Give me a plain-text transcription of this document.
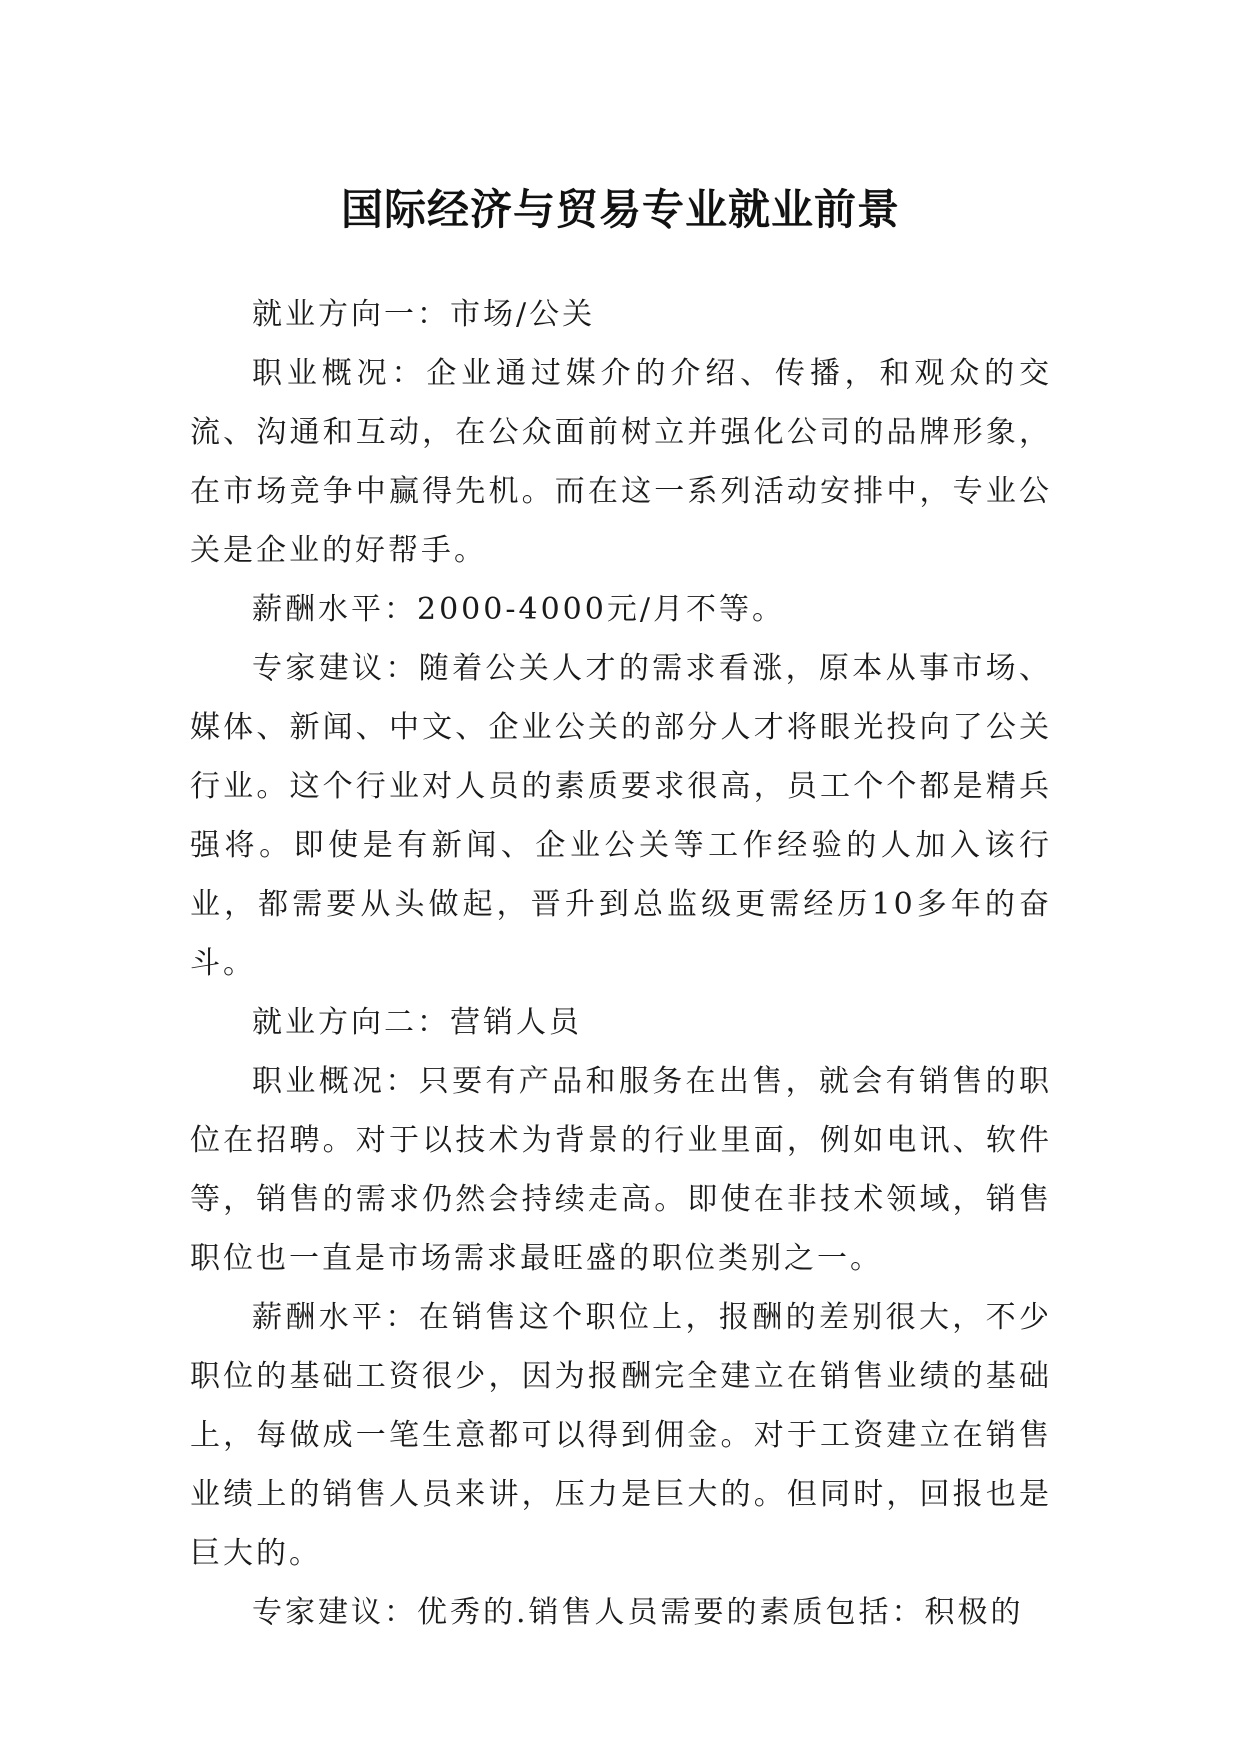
国际经济与贸易专业就业前景

就业方向一：市场/公关

职业概况：企业通过媒介的介绍、传播，和观众的交流、沟通和互动，在公众面前树立并强化公司的品牌形象，在市场竞争中赢得先机。而在这一系列活动安排中，专业公关是企业的好帮手。

薪酬水平：2000-4000元/月不等。

专家建议：随着公关人才的需求看涨，原本从事市场、媒体、新闻、中文、企业公关的部分人才将眼光投向了公关行业。这个行业对人员的素质要求很高，员工个个都是精兵强将。即使是有新闻、企业公关等工作经验的人加入该行业，都需要从头做起，晋升到总监级更需经历10多年的奋斗。

就业方向二：营销人员

职业概况：只要有产品和服务在出售，就会有销售的职位在招聘。对于以技术为背景的行业里面，例如电讯、软件等，销售的需求仍然会持续走高。即使在非技术领域，销售职位也一直是市场需求最旺盛的职位类别之一。

薪酬水平：在销售这个职位上，报酬的差别很大，不少职位的基础工资很少，因为报酬完全建立在销售业绩的基础上，每做成一笔生意都可以得到佣金。对于工资建立在销售业绩上的销售人员来讲，压力是巨大的。但同时，回报也是巨大的。

专家建议：优秀的.销售人员需要的素质包括：积极的
